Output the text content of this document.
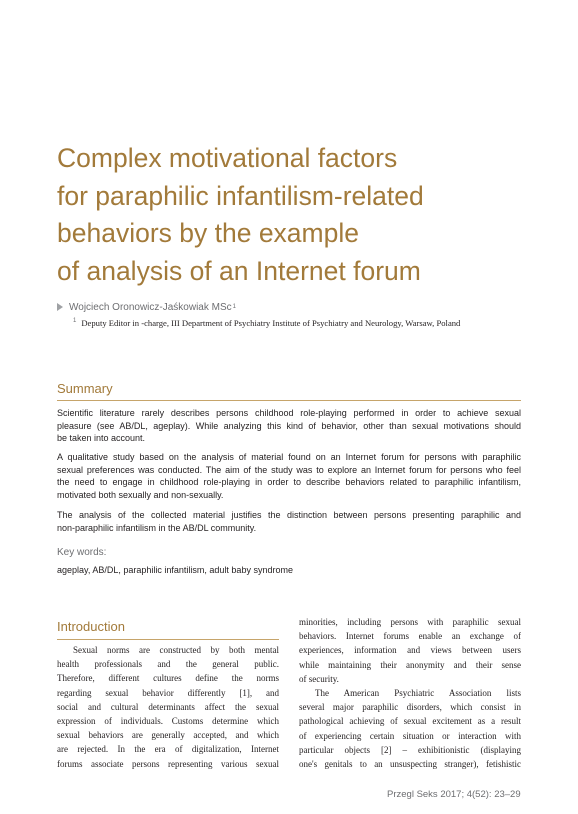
Complex motivational factors
for paraphilic infantilism-related
behaviors by the example
of analysis of an Internet forum
Wojciech Oronowicz-Jaśkowiak MSc 1
1 Deputy Editor in -charge, III Department of Psychiatry Institute of Psychiatry and Neurology, Warsaw, Poland
Summary
Scientific literature rarely describes persons childhood role-playing performed in order to achieve sexual
pleasure (see AB/DL, ageplay). While analyzing this kind of behavior, other than sexual motivations should
be taken into account.
A qualitative study based on the analysis of material found on an Internet forum for persons with paraphilic
sexual preferences was conducted. The aim of the study was to explore an Internet forum for persons who feel
the need to engage in childhood role-playing in order to describe behaviors related to paraphilic infantilism,
motivated both sexually and non-sexually.
The analysis of the collected material justifies the distinction between persons presenting paraphilic and
non-paraphilic infantilism in the AB/DL community.
Key words:
ageplay, AB/DL, paraphilic infantilism, adult baby syndrome
Introduction
Sexual norms are constructed by both mental
health professionals and the general public.
Therefore, different cultures define the norms
regarding sexual behavior differently [1], and
social and cultural determinants affect the sexual
expression of individuals. Customs determine which
sexual behaviors are generally accepted, and which
are rejected. In the era of digitalization, Internet
forums associate persons representing various sexual
minorities, including persons with paraphilic sexual
behaviors. Internet forums enable an exchange of
experiences, information and views between users
while maintaining their anonymity and their sense
of security.
The American Psychiatric Association lists
several major paraphilic disorders, which consist in
pathological achieving of sexual excitement as a result
of experiencing certain situation or interaction with
particular objects [2] – exhibitionistic (displaying
one's genitals to an unsuspecting stranger), fetishistic
Przegl Seks 2017; 4(52): 23–29
